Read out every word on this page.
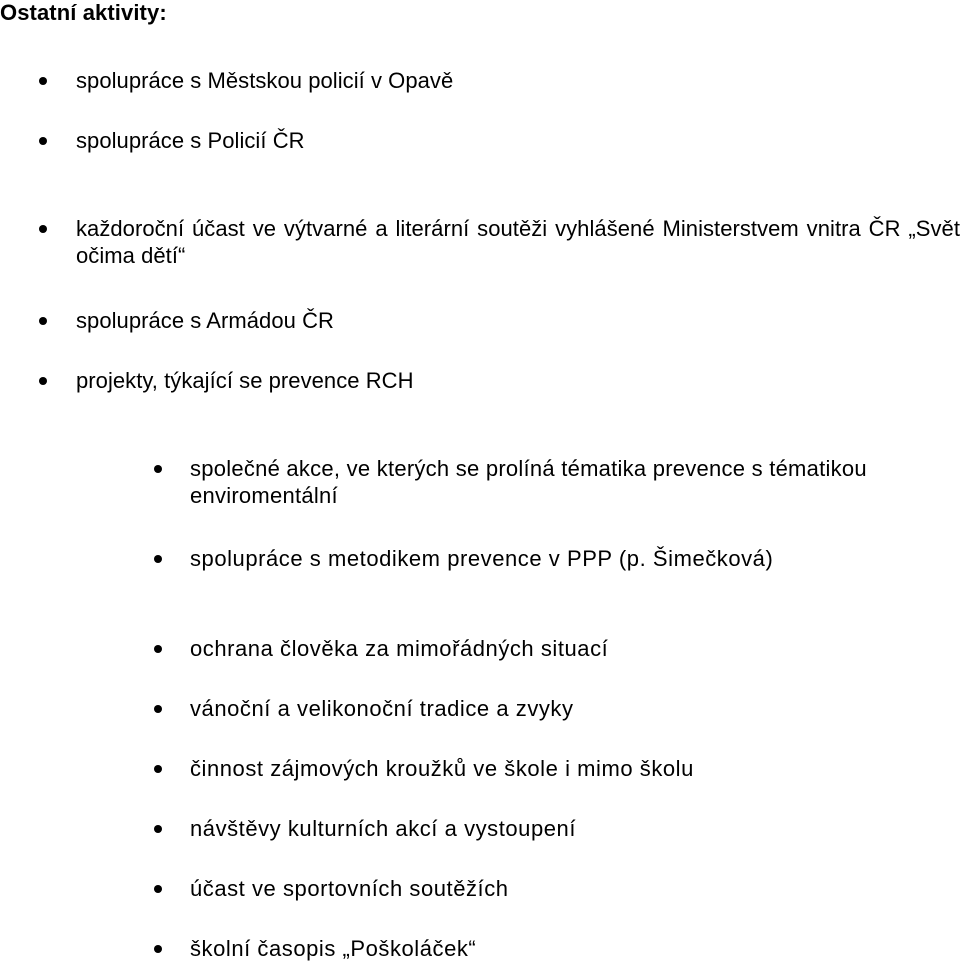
Ostatní aktivity:
spolupráce s Městskou policií v Opavě
spolupráce s Policií ČR
každoroční účast ve výtvarné a literární soutěži vyhlášené Ministerstvem vnitra ČR „Svět očima dětí“
spolupráce s Armádou ČR
projekty, týkající se prevence RCH
společné akce, ve kterých se prolíná tématika prevence s tématikou enviromentální
spolupráce s metodikem prevence v PPP (p. Šimečková)
ochrana člověka za mimořádných situací
vánoční a velikonoční tradice a zvyky
činnost zájmových kroužků ve škole i mimo školu
návštěvy kulturních akcí a vystoupení
účast ve sportovních soutěžích
školní časopis „Poškoláček“
